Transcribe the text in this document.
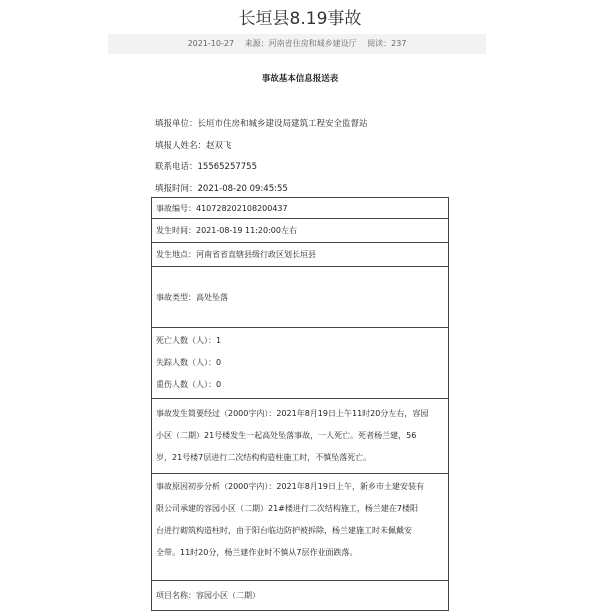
长垣县8.19事故
2021-10-27 来源：河南省住房和城乡建设厅 阅读：237
事故基本信息报送表
填报单位：长垣市住房和城乡建设局建筑工程安全监督站
填报人姓名：赵双飞
联系电话：15565257755
填报时间：2021-08-20 09:45:55
事故编号：410728202108200437
发生时间：2021-08-19 11:20:00左右
发生地点：河南省省直辖县级行政区划长垣县
事故类型：高处坠落

死亡人数（人）：1
失踪人数（人）：0
重伤人数（人）：0

事故发生简要经过（2000字内）：2021年8月19日上午11时20分左右，容园
小区（二期）21号楼发生一起高处坠落事故，一人死亡。死者杨兰建，56
岁，21号楼7层进行二次结构构造柱施工时，不慎坠落死亡。

事故原因初步分析（2000字内）：2021年8月19日上午，新乡市土建安装有
限公司承建的容园小区（二期）21#楼进行二次结构施工，杨兰建在7楼阳
台进行砌筑构造柱时，由于阳台临边防护被拆除，杨兰建施工时未佩戴安
全带。11时20分，杨兰建作业时不慎从7层作业面跌落。

项目名称：容园小区（二期）
